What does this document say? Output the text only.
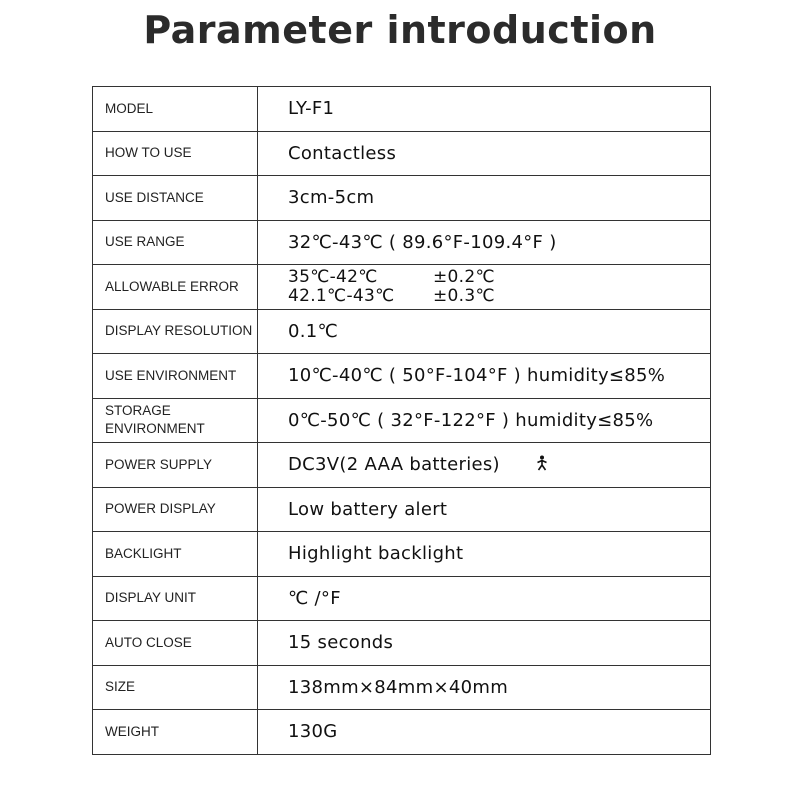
Parameter introduction
MODEL	LY-F1
HOW TO USE	Contactless
USE DISTANCE	3cm-5cm
USE RANGE	32℃-43℃ ( 89.6°F-109.4°F )
ALLOWABLE ERROR	35℃-42℃ ±0.2℃
42.1℃-43℃ ±0.3℃

DISPLAY RESOLUTION	0.1℃
USE ENVIRONMENT	10℃-40℃ ( 50°F-104°F ) humidity≤85%
STORAGE ENVIRONMENT	0℃-50℃ ( 32°F-122°F ) humidity≤85%
POWER SUPPLY	DC3V(2 AAA batteries)
POWER DISPLAY	Low battery alert
BACKLIGHT	Highlight backlight
DISPLAY UNIT	℃ /°F
AUTO CLOSE	15 seconds
SIZE	138mm×84mm×40mm
WEIGHT	130G
